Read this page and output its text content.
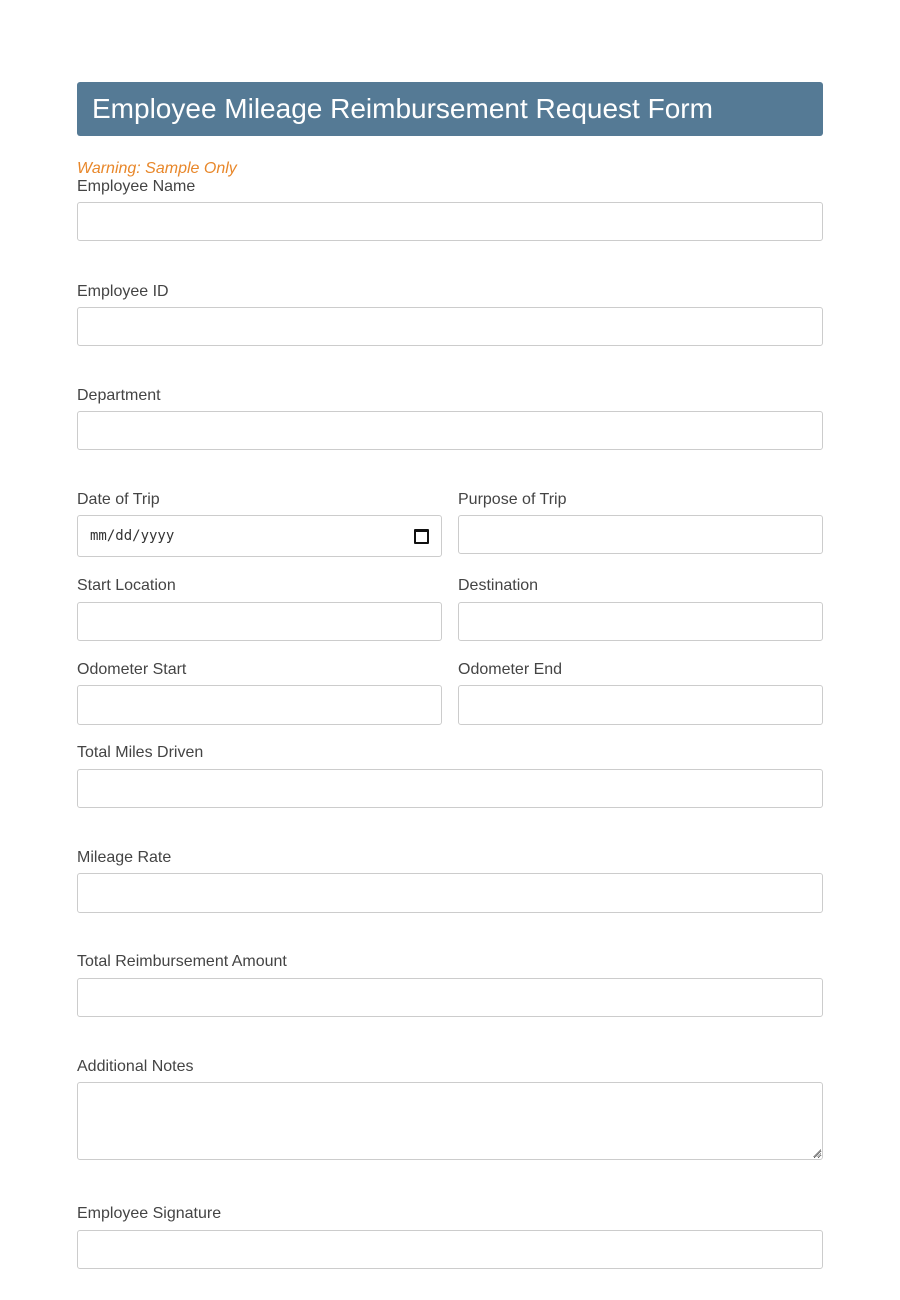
Employee Mileage Reimbursement Request Form
Warning: Sample Only
Employee Name
Employee ID
Department
Date of Trip
mm/dd/yyyy
Purpose of Trip
Start Location	Destination
Odometer Start	Odometer End
Total Miles Driven
Mileage Rate
Total Reimbursement Amount
Additional Notes
Employee Signature
